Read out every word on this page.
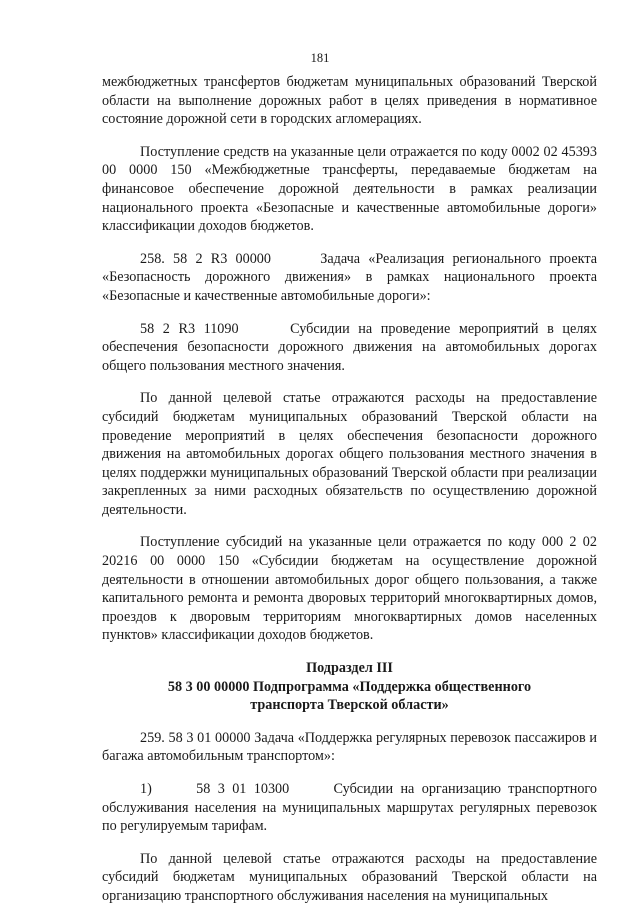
181

межбюджетных трансфертов бюджетам муниципальных образований Тверской области на выполнение дорожных работ в целях приведения в нормативное состояние дорожной сети в городских агломерациях.

Поступление средств на указанные цели отражается по коду 0002 02 45393 00 0000 150 «Межбюджетные трансферты, передаваемые бюджетам на финансовое обеспечение дорожной деятельности в рамках реализации национального проекта «Безопасные и качественные автомобильные дороги» классификации доходов бюджетов.

258. 58 2 R3 00000      Задача «Реализация регионального проекта «Безопасность дорожного движения» в рамках национального проекта «Безопасные и качественные автомобильные дороги»:

58 2 R3 11090      Субсидии на проведение мероприятий в целях обеспечения безопасности дорожного движения на автомобильных дорогах общего пользования местного значения.

По данной целевой статье отражаются расходы на предоставление субсидий бюджетам муниципальных образований Тверской области на проведение мероприятий в целях обеспечения безопасности дорожного движения на автомобильных дорогах общего пользования местного значения в целях поддержки муниципальных образований Тверской области при реализации закрепленных за ними расходных обязательств по осуществлению дорожной деятельности.

Поступление субсидий на указанные цели отражается по коду 000 2 02 20216 00 0000 150 «Субсидии бюджетам на осуществление дорожной деятельности в отношении автомобильных дорог общего пользования, а также капитального ремонта и ремонта дворовых территорий многоквартирных домов, проездов к дворовым территориям многоквартирных домов населенных пунктов» классификации доходов бюджетов.

Подраздел III
58 3 00 00000 Подпрограмма «Поддержка общественного
транспорта Тверской области»

259. 58 3 01 00000 Задача «Поддержка регулярных перевозок пассажиров и багажа автомобильным транспортом»:

1)      58 3 01 10300      Субсидии на организацию транспортного обслуживания населения на муниципальных маршрутах регулярных перевозок по регулируемым тарифам.

По данной целевой статье отражаются расходы на предоставление субсидий бюджетам муниципальных образований Тверской области на организацию транспортного обслуживания населения на муниципальных
